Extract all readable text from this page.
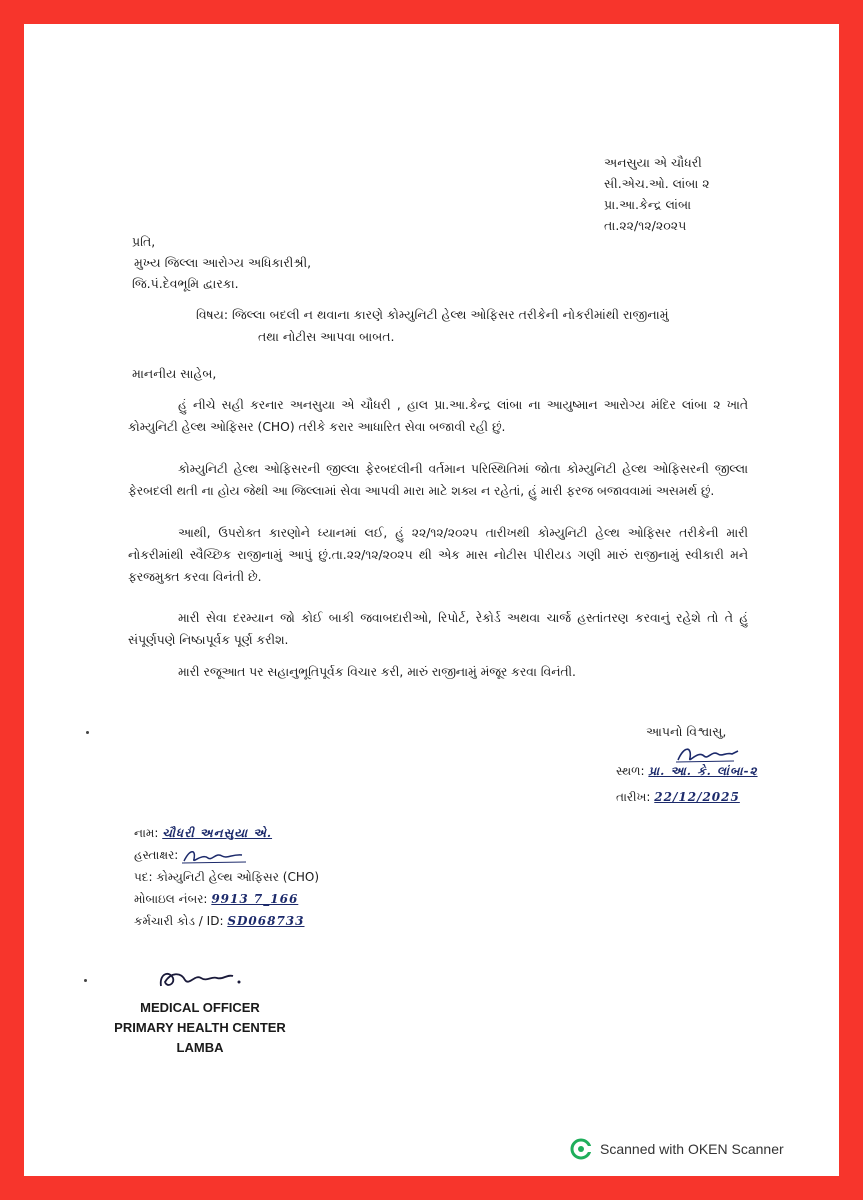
અનસુયા એ ચૌધરી
સી.એચ.ઓ. લાંબા ૨
પ્રા.આ.કેન્દ્ર લાંબા
તા.૨૨/૧૨/૨૦૨૫
પ્રતિ,
મુખ્ય જિલ્લા આરોગ્ય અધિકારીશ્રી,
જિ.પં.દેવભૂમિ દ્વારકા.
વિષય: જિલ્લા બદલી ન થવાના કારણે કોમ્યુનિટી હેલ્થ ઓફિસર તરીકેની નોકરીમાંથી રાજીનામું
તથા નોટીસ આપવા બાબત.
માનનીય સાહેબ,
હું નીચે સહી કરનાર અનસુયા એ ચૌધરી , હાલ પ્રા.આ.કેન્દ્ર લાંબા ના આયુષ્માન આરોગ્ય મંદિર લાંબા ૨ ખાતે કોમ્યુનિટી હેલ્થ ઓફિસર (CHO) તરીકે કરાર આધારિત સેવા બજાવી રહી છું.
કોમ્યુનિટી હેલ્થ ઓફિસરની જીલ્લા ફેરબદલીની વર્તમાન પરિસ્થિતિમાં જોતા કોમ્યુનિટી હેલ્થ ઓફિસરની જીલ્લા ફેરબદલી થતી ના હોય જેથી આ જિલ્લામાં સેવા આપવી મારા માટે શક્ય ન રહેતાં, હું મારી ફરજ બજાવવામાં અસમર્થ છું.
આથી, ઉપરોક્ત કારણોને ધ્યાનમાં લઈ, હું ૨૨/૧૨/૨૦૨૫ તારીખથી કોમ્યુનિટી હેલ્થ ઓફિસર તરીકેની મારી નોકરીમાંથી સ્વૈચ્છિક રાજીનામું આપું છું.તા.૨૨/૧૨/૨૦૨૫ થી એક માસ નોટીસ પીરીયડ ગણી મારું રાજીનામું સ્વીકારી મને ફરજમુક્ત કરવા વિનંતી છે.
મારી સેવા દરમ્યાન જો કોઈ બાકી જવાબદારીઓ, રિપોર્ટ, રેકોર્ડ અથવા ચાર્જ હસ્તાંતરણ કરવાનું રહેશે તો તે હું સંપૂર્ણપણે નિષ્ઠાપૂર્વક પૂર્ણ કરીશ.
મારી રજૂઆત પર સહાનુભૂતિપૂર્વક વિચાર કરી, મારું રાજીનામું મંજૂર કરવા વિનંતી.
આપનો વિશ્વાસુ,
સ્થળ: પ્રા. આ. કે. લાંબા-૨
તારીખ: 22/12/2025
નામ: ચૌધરી અનસુયા એ.
હસ્તાક્ષર:
પદ: કોમ્યુનિટી હેલ્થ ઓફિસર (CHO)
મોબાઇલ નંબર: 9913 7_166
કર્મચારી કોડ / ID: SD068733
MEDICAL OFFICER
PRIMARY HEALTH CENTER
LAMBA
Scanned with OKEN Scanner
